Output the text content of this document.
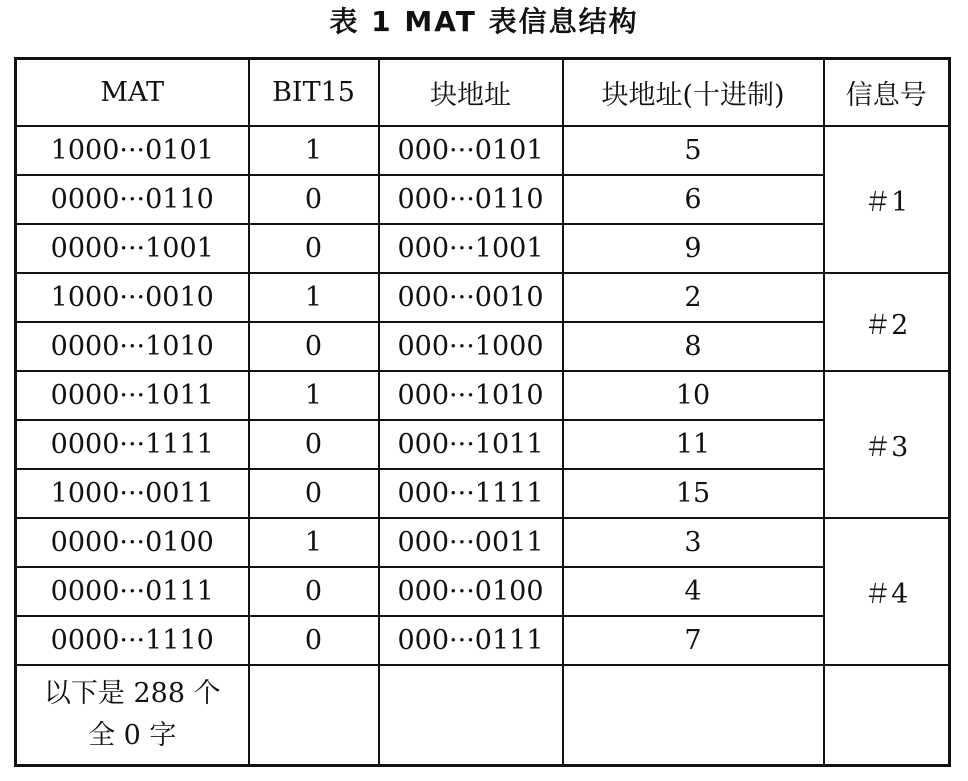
表 1 MAT 表信息结构
MAT	BIT15	块地址	块地址(十进制)	信息号
1000···0101	1	000···0101	5	＃1
0000···0110	0	000···0110	6	
0000···1001	0	000···1001	9	
1000···0010	1	000···0010	2	＃2
0000···1010	0	000···1000	8	
0000···1011	1	000···1010	10	＃3
0000···1111	0	000···1011	11	
1000···0011	0	000···1111	15	
0000···0100	1	000···0011	3	＃4
0000···0111	0	000···0100	4	
0000···1110	0	000···0111	7	

以下是 288 个
全 0 字				
